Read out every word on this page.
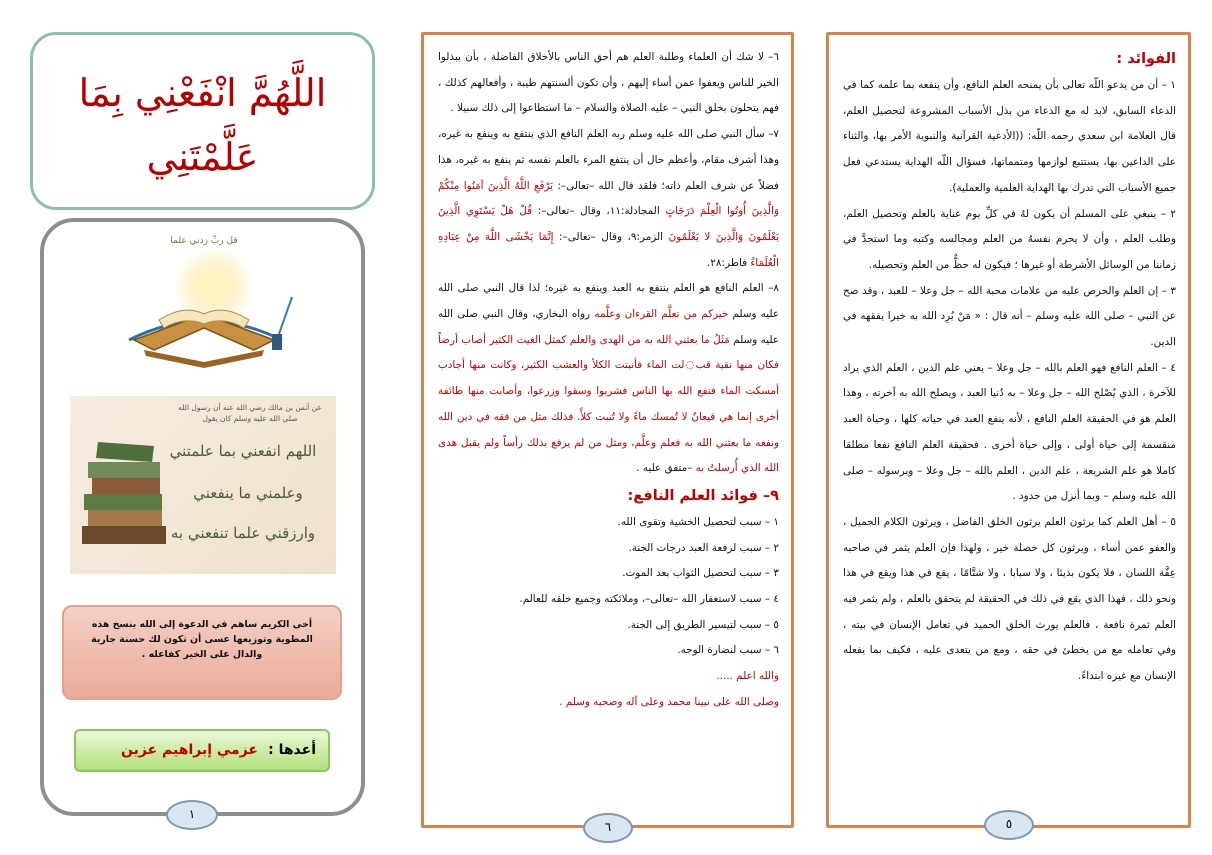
الفوائد :
١ – أن من يدعو اللّه تعالى بأن يمنحه العلم النافع، وأن ينفعه بما علمه كما في الدعاء السابق، لابد له مع الدعاء من بذل الأسباب المشروعة لتحصيل العلم، قال العلامة ابن سعدي رحمه اللّه: ((الأدعية القرآنية والنبوية الأمر بها، والثناء على الداعين بها، يستتبع لوازمها ومتمماتها، فسؤال اللّه الهداية يستدعي فعل جميع الأسباب التي تدرك بها الهداية العلمية والعملية).
٢ – ينبغي على المسلم أن يكون لهُ في كلِّ يوم عناية بالعلم وتحصيل العلم، وطلب العلم ، وأن لا يحرم نفسهُ من العلم ومجالسه وكتبه وما استجدَّ في زماننا من الوسائل الأشرطة أو غيرها ؛ فيكون له حظٌّ من العلم وتحصيله.
٣ – إن العلم والحرص عليه من علامات محبة الله – جل وعلا – للعبد ، وقد صح عن النبي – صلى الله عليه وسلم – أنه قال : « مَنْ يُرِد الله به خيرا يفقهه في الدين.
٤ – العلم النافع فهو العلم بالله – جل وعلا – يعني علم الدين ، العلم الذي يراد للآخرة ، الذي يُصْلح الله – جل وعلا – به دُنيا العبد ، ويصلح الله به آخرته ، وهذا العلم هو في الحقيقة العلم النافع ، لأنه ينفع العبد في حياته كلها ، وحياة العبد منقسمة إلى حياة أولى ، وإلى حياة أخرى . فحقيقة العلم النافع نفعا مطلقا كاملا هو علم الشريعة ، علم الدين ، العلم بالله – جل وعلا – وبرسوله – صلى الله عليه وسلم – وبما أنزل من حدود .
٥ – أهل العلم كما يرثون العلم يرثون الخلق الفاضل ، ويرثون الكلام الجميل ، والعفو عمن أساء ، ويرثون كل خصلة خير ، ولهذا فإن العلم يثمر في صاحبه عِفَّة اللسان ، فلا يكون بذيئا ، ولا سبابا ، ولا شتَّامًا ، يقع في هذا ويقع في هذا ونحو ذلك ، فهذا الذي يقع في ذلك في الحقيقة لم يتحقق بالعلم ، ولم يثمر فيه العلم ثمرة نافعة ، فالعلم يورث الخلق الحميد في تعامل الإنسان في بيته ، وفي تعامله مع من يخطئ في حقه ، ومع من يتعدى عليه ، فكيف بما يفعله الإنسان مع غيره ابتداءً.
٥
٦– لا شك أن العلماء وطلبة العلم هم أحق الناس بالأخلاق الفاضلة ، بأن يبذلوا الخير للناس ويعفوا عمن أساء إليهم ، وأن تكون ألسنتهم طيبة ، وأفعالهم كذلك ، فهم يتحلون بخلق النبي – عليه الصلاة والسلام – ما استطاعوا إلى ذلك سبيلا .
٧– سأل النبي صلى الله عليه وسلم ربه العلم النافع الذي ينتفع به وينفع به غيره، وهذا أشرف مقام، وأعظم حال أن ينتفع المرء بالعلم نفسه ثم ينفع به غيره، هذا فضلاً عن شرف العلم ذاته؛ فلقد قال الله –تعالى–: يَرْفَعِ اللَّهُ الَّذِينَ آمَنُوا مِنْكُمْ وَالَّذِينَ أُوتُوا الْعِلْمَ دَرَجَاتٍ المجادلة:١١، وقال –تعالى–: قُلْ هَلْ يَسْتَوِي الَّذِينَ يَعْلَمُونَ وَالَّذِينَ لا يَعْلَمُونَ الزمر:٩، وقال –تعالى–: إِنَّمَا يَخْشَى اللَّهَ مِنْ عِبَادِهِ الْعُلَمَاءُ فاطر:٢٨.
٨– العلم النافع هو العلم ينتفع به العبد وينفع به غيره؛ لذا قال النبي صلى الله عليه وسلم خيركم من تعلَّم القرءان وعلَّمه رواه البخاري، وقال النبي صلى الله عليه وسلم مَثَلُ ما بعثني الله به من الهدى والعلم كمثل الغيث الكثير أصاب أرضاً فكان منها نقية قب◌لت الماء فأنبتت الكلأ والعشب الكثير، وكانت منها أجادب أمسكت الماء فنفع الله بها الناس فشربوا وسقوا وزرعوا، وأصابت منها طائفة أخرى إنما هي قيعانٌ لا تُمسك ماءً ولا تُنبت كلأً. فذلك مثل من فقه في دين الله ونفعه ما بعثني الله به فعلم وعلَّم، ومثل من لم يرفع بذلك رأساً ولم يقبل هدى الله الذي أُرسلتُ به –متفق عليه .
٩– فوائد العلم النافع:
١ – سبب لتحصيل الخشية وتقوى الله.
٢ – سبب لرفعة العبد درجات الجنة.
٣ – سبب لتحصيل الثواب بعد الموت.
٤ – سبب لاستغفار الله –تعالى–، وملائكته وجميع خلقه للعالم.
٥ – سبب لتيسير الطريق إلى الجنة.
٦ – سبب لنضارة الوجه.
والله اعلم .....
وصلى الله على نبينا محمد وعلى آله وصحبه وسلم .
٦
اللَّهُمَّ انْفَعْنِي بِمَا
عَلَّمْتَنِي
قل ربِّ زدني علما
عن أنس بن مالك رضي الله عنه أن رسول الله صلى الله عليه وسلم كان يقول
اللهم انفعني بما علمتني
وعلمني ما ينفعني
وارزقني علما تنفعني به
أخي الكريم ساهم في الدعوة إلى الله بنسخ هذه المطوية وتوزيعها عسى أن تكون لك حسنة جارية والدال على الخير كفاعله .
أعدها :
عزمي إبراهيم عزين
١
